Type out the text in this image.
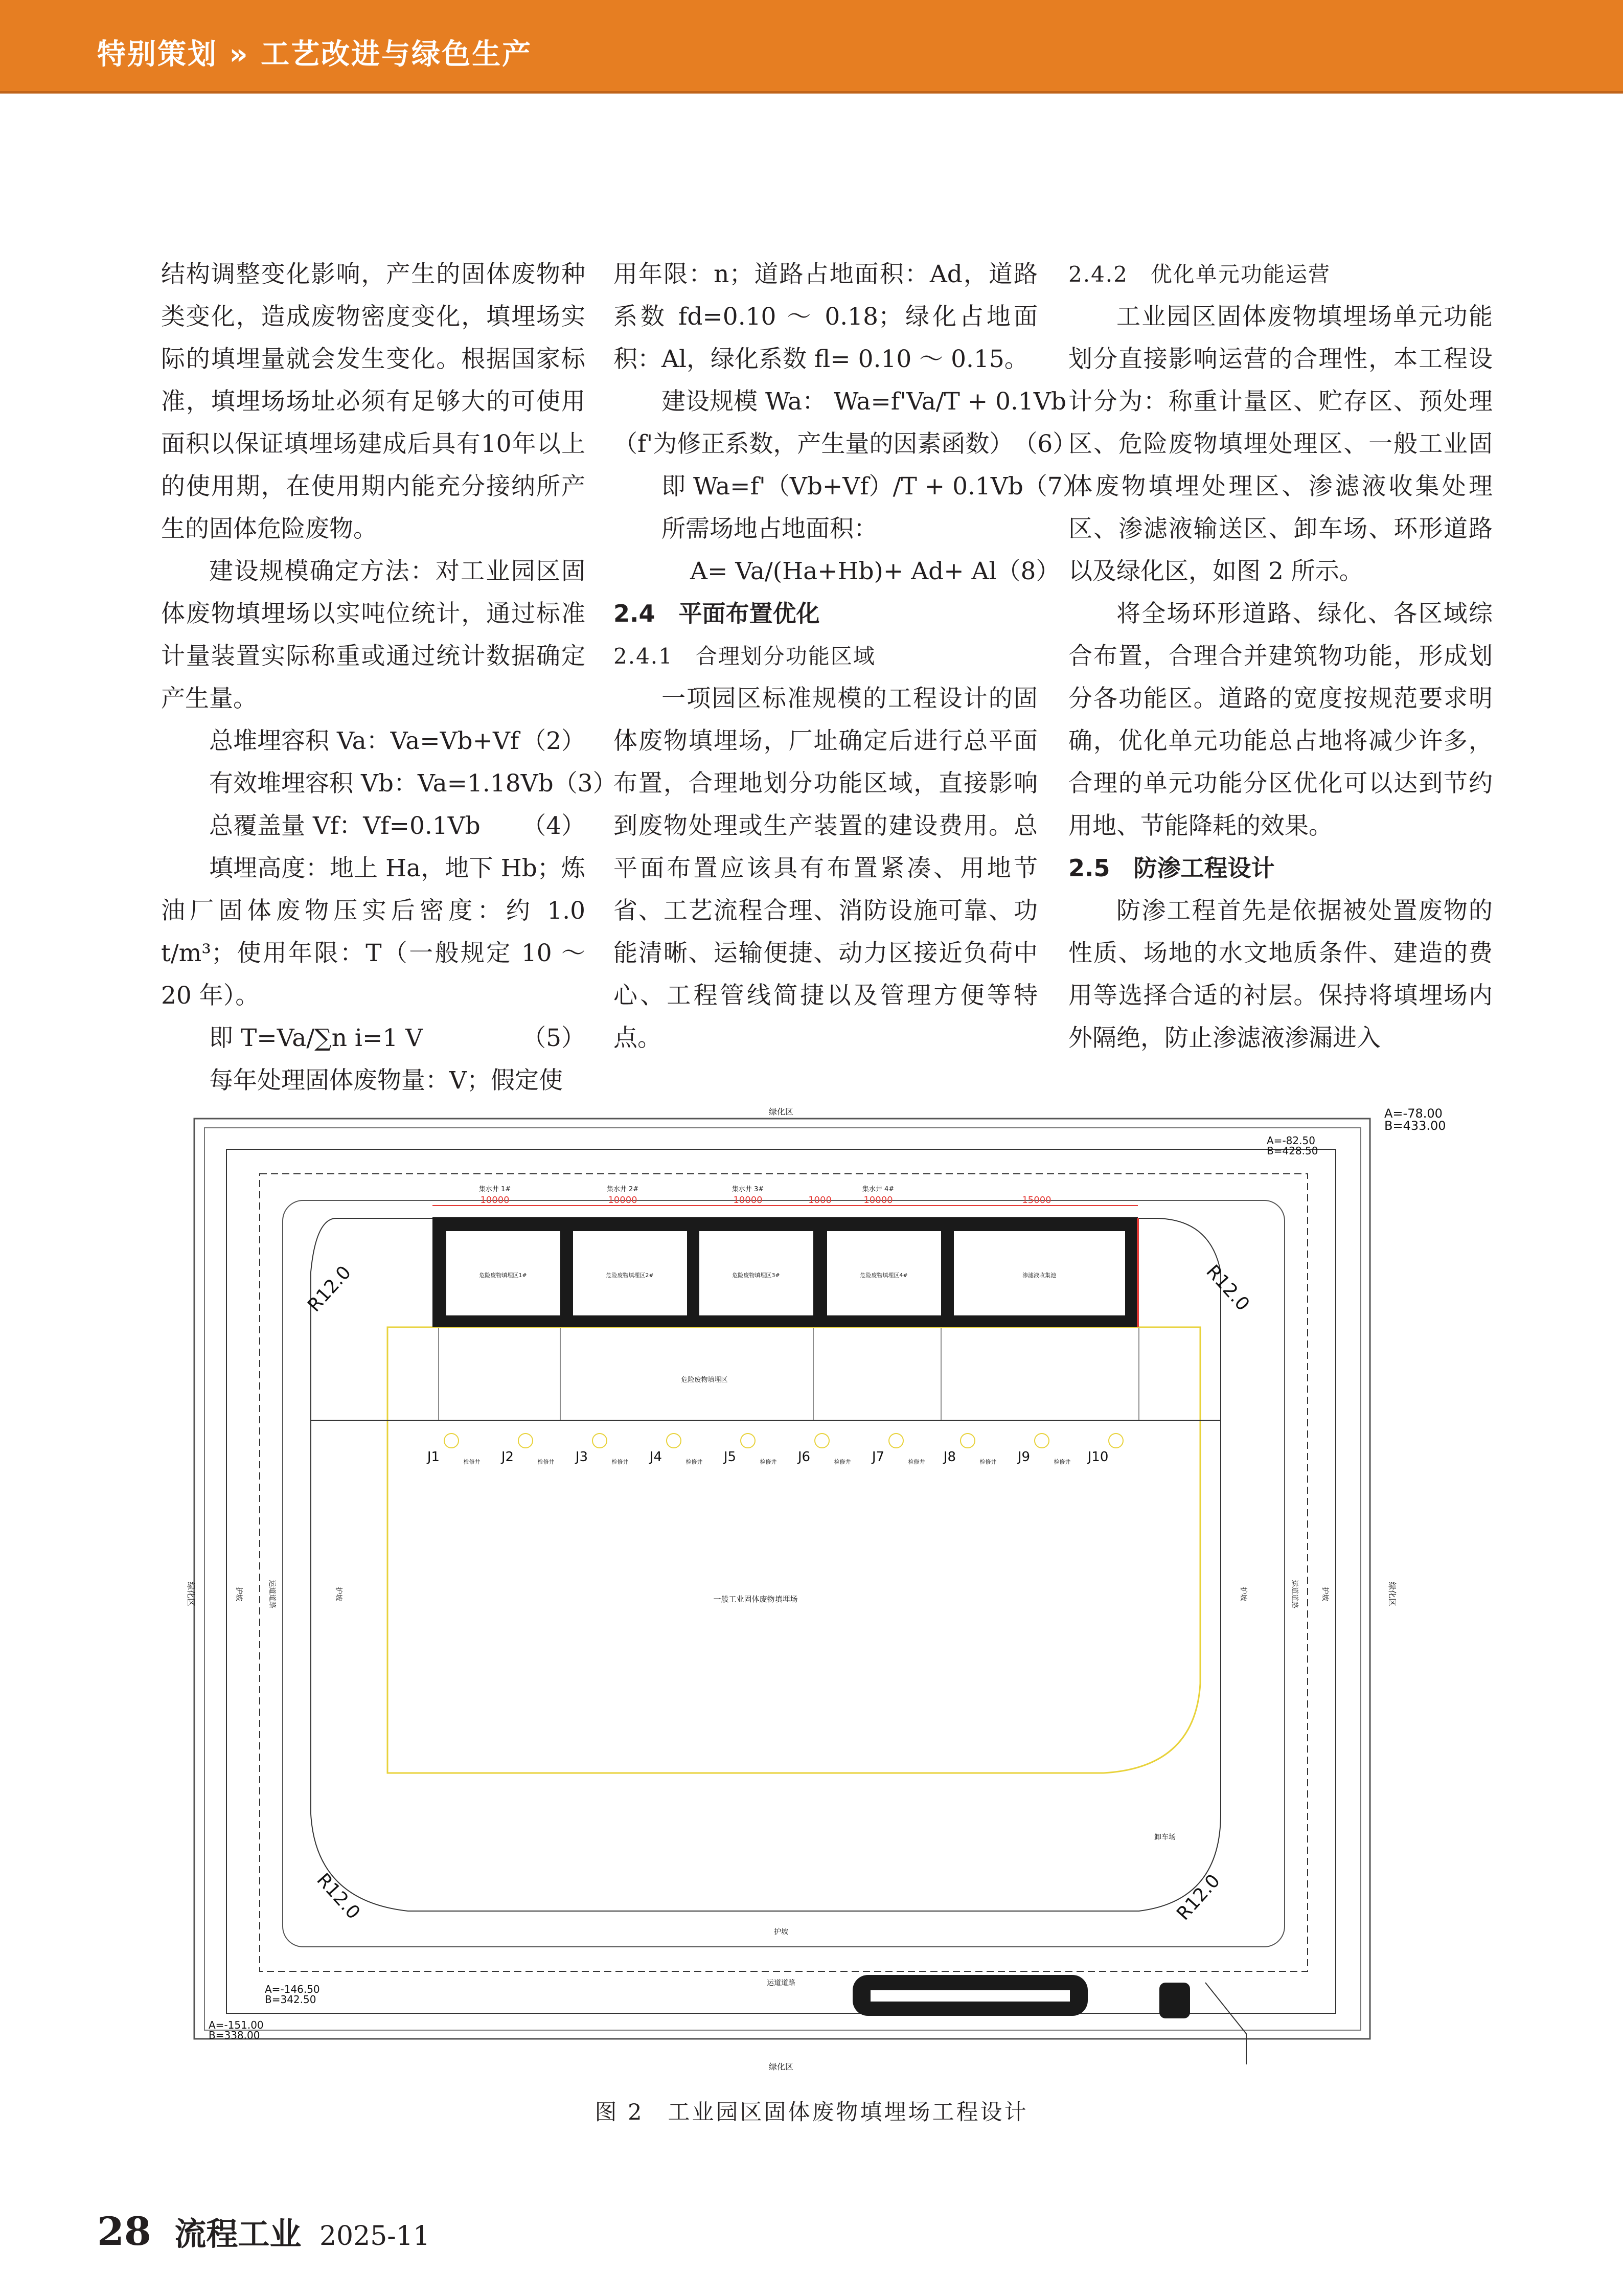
特别策划 » 工艺改进与绿色生产

结构调整变化影响，产生的固体废物种类变化，造成废物密度变化，填埋场实际的填埋量就会发生变化。根据国家标准，填埋场场址必须有足够大的可使用面积以保证填埋场建成后具有10年以上的使用期，在使用期内能充分接纳所产生的固体危险废物。

建设规模确定方法：对工业园区固体废物填埋场以实吨位统计，通过标准计量装置实际称重或通过统计数据确定产生量。

总堆埋容积 Va：Va=Vb+Vf （2）
有效堆埋容积 Vb：Va=1.18Vb （3）
总覆盖量 Vf：Vf=0.1Vb （4）

填埋高度：地上 Ha，地下 Hb；炼油厂固体废物压实后密度：约 1.0 t/m³；使用年限：T（一般规定 10 ～ 20 年）。

即 T=Va/∑n i=1 V	（5）

每年处理固体废物量：V；假定使

用年限：n；道路占地面积：Ad，道路系数 fd=0.10 ～ 0.18；绿化占地面积：Al，绿化系数 fl= 0.10 ～ 0.15。

建设规模 Wa： Wa=f'Va/T + 0.1Vb
（f'为修正系数，产生量的因素函数） （6）
即 Wa=f'（Vb+Vf）/T + 0.1Vb （7）
所需场地占地面积：
A= Va/(Ha+Hb)+ Ad+ Al （8）

2.4　平面布置优化

2.4.1　合理划分功能区域

一项园区标准规模的工程设计的固体废物填埋场，厂址确定后进行总平面布置，合理地划分功能区域，直接影响到废物处理或生产装置的建设费用。总平面布置应该具有布置紧凑、用地节省、工艺流程合理、消防设施可靠、功能清晰、运输便捷、动力区接近负荷中心、工程管线简捷以及管理方便等特点。

2.4.2　优化单元功能运营

工业园区固体废物填埋场单元功能划分直接影响运营的合理性，本工程设计分为：称重计量区、贮存区、预处理区、危险废物填埋处理区、一般工业固体废物填埋处理区、渗滤液收集处理区、渗滤液输送区、卸车场、环形道路以及绿化区，如图 2 所示。

将全场环形道路、绿化、各区域综合布置，合理合并建筑物功能，形成划分各功能区。道路的宽度按规范要求明确，优化单元功能总占地将减少许多，合理的单元功能分区优化可以达到节约用地、节能降耗的效果。

2.5　防渗工程设计

防渗工程首先是依据被处置废物的性质、场地的水文地质条件、建造的费用等选择合适的衬层。保持将填埋场内外隔绝，防止渗滤液渗漏进入

危险废物填埋区1#	危险废物填埋区2#	危险废物填埋区3#	危险废物填埋区4#	渗滤液收集池
10000	10000	10000	1000	10000	15000
集水井 1#	集水井 2#	集水井 3#	集水井 4#
危险废物填埋区
J1	J2	J3	J4	J5	J6	J7	J8	J9	J10
检修井	检修井	检修井	检修井	检修井	检修井	检修井	检修井	检修井
一般工业固体废物填埋场
绿化区
绿化区
绿化区	绿化区
运道道路
运道道路	运道道路
护坡
护坡	护坡
护坡	护坡
R12.0	R12.0
R12.0	R12.0
卸车场
A=-78.00
B=433.00
A=-82.50
B=428.50
A=-146.50
B=342.50
A=-151.00
B=338.00
图 2　工业园区固体废物填埋场工程设计
28 流程工业 2025-11
